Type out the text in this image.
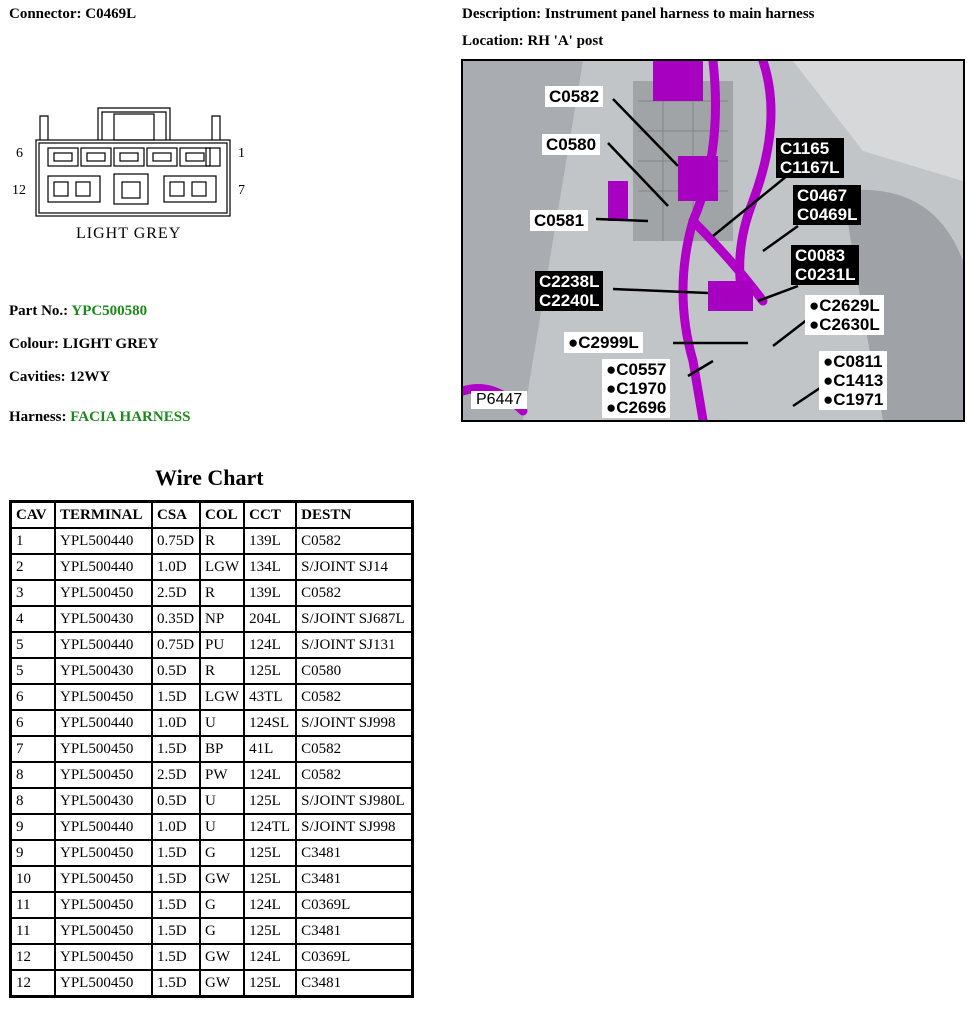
Connector: C0469L	Description: Instrument panel harness to main harness
Location: RH 'A' post
6	1
12	7
LIGHT GREY
Part No.: YPC500580
Colour: LIGHT GREY
Cavities: 12WY
Harness: FACIA HARNESS
C0582
C0580
C0581
C1165
C1167L
C0467
C0469L
C2238L
C2240L
C0083
C0231L
●C2629L
●C2630L
●C2999L
●C0557
●C1970
●C2696
●C0811
●C1413
●C1971
P6447
Wire Chart
CAV	TERMINAL	CSA	COL	CCT	DESTN
1	YPL500440	0.75D	R	139L	C0582
2	YPL500440	1.0D	LGW	134L	S/JOINT SJ14
3	YPL500450	2.5D	R	139L	C0582
4	YPL500430	0.35D	NP	204L	S/JOINT SJ687L
5	YPL500440	0.75D	PU	124L	S/JOINT SJ131
5	YPL500430	0.5D	R	125L	C0580
6	YPL500450	1.5D	LGW	43TL	C0582
6	YPL500440	1.0D	U	124SL	S/JOINT SJ998
7	YPL500450	1.5D	BP	41L	C0582
8	YPL500450	2.5D	PW	124L	C0582
8	YPL500430	0.5D	U	125L	S/JOINT SJ980L
9	YPL500440	1.0D	U	124TL	S/JOINT SJ998
9	YPL500450	1.5D	G	125L	C3481
10	YPL500450	1.5D	GW	125L	C3481
11	YPL500450	1.5D	G	124L	C0369L
11	YPL500450	1.5D	G	125L	C3481
12	YPL500450	1.5D	GW	124L	C0369L
12	YPL500450	1.5D	GW	125L	C3481
